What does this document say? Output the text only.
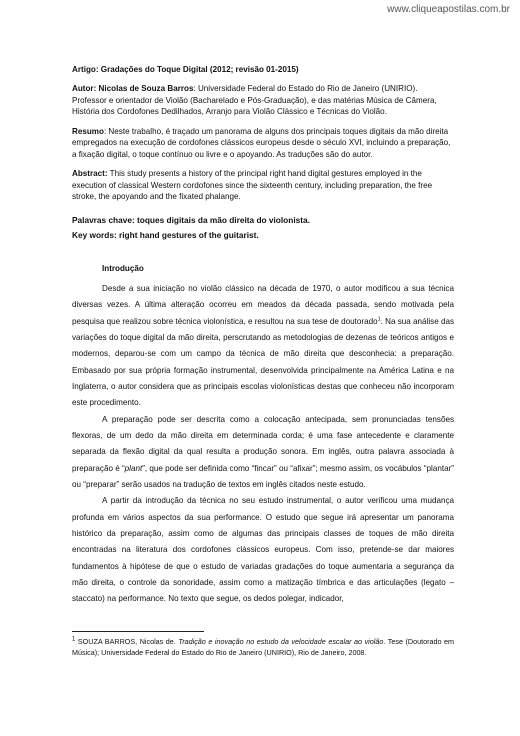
www.cliqueapostilas.com.br

Artigo: Gradações do Toque Digital (2012; revisão 01-2015)

Autor: Nicolas de Souza Barros: Universidade Federal do Estado do Rio de Janeiro (UNIRIO). Professor e orientador de Violão (Bacharelado e Pós-Graduação), e das matérias Música de Câmera, História dos Cordofones Dedilhados, Arranjo para Violão Clássico e Técnicas do Violão.

Resumo: Neste trabalho, é traçado um panorama de alguns dos principais toques digitais da mão direita empregados na execução de cordofones clássicos europeus desde o século XVI, incluindo a preparação, a fixação digital, o toque contínuo ou livre e o apoyando. As traduções são do autor.

Abstract: This study presents a history of the principal right hand digital gestures employed in the execution of classical Western cordofones since the sixteenth century, including preparation, the free stroke, the apoyando and the fixated phalange.

Palavras chave: toques digitais da mão direita do violonista.
Key words: right hand gestures of the guitarist.
Introdução

Desde a sua iniciação no violão clássico na década de 1970, o autor modificou a sua técnica diversas vezes. A última alteração ocorreu em meados da década passada, sendo motivada pela pesquisa que realizou sobre técnica violonística, e resultou na sua tese de doutorado$^1$. Na sua análise das variações do toque digital da mão direita, perscrutando as metodologias de dezenas de teóricos antigos e modernos, deparou-se com um campo da técnica de mão direita que desconhecia: a preparação. Embasado por sua própria formação instrumental, desenvolvida principalmente na América Latina e na Inglaterra, o autor considera que as principais escolas violonísticas destas que conheceu não incorporam este procedimento.

A preparação pode ser descrita como a colocação antecipada, sem pronunciadas tensões flexoras, de um dedo da mão direita em determinada corda; é uma fase antecedente e claramente separada da flexão digital da qual resulta a produção sonora. Em inglês, outra palavra associada à preparação é “plant”, que pode ser definida como “fincar” ou “afixar”; mesmo assim, os vocábulos “plantar” ou “preparar” serão usados na tradução de textos em inglês citados neste estudo.

A partir da introdução da técnica no seu estudo instrumental, o autor verificou uma mudança profunda em vários aspectos da sua performance. O estudo que segue irá apresentar um panorama histórico da preparação, assim como de algumas das principais classes de toques de mão direita encontradas na literatura dos cordofones clássicos europeus. Com isso, pretende-se dar maiores fundamentos à hipótese de que o estudo de variadas gradações do toque aumentaria a segurança da mão direita, o controle da sonoridade, assim como a matização tímbrica e das articulações (legato – staccato) na performance. No texto que segue, os dedos polegar, indicador,

$^1$ SOUZA BARROS, Nicolas de. Tradição e inovação no estudo da velocidade escalar ao violão. Tese (Doutorado em Música); Universidade Federal do Estado do Rio de Janeiro (UNIRIO), Rio de Janeiro, 2008.
